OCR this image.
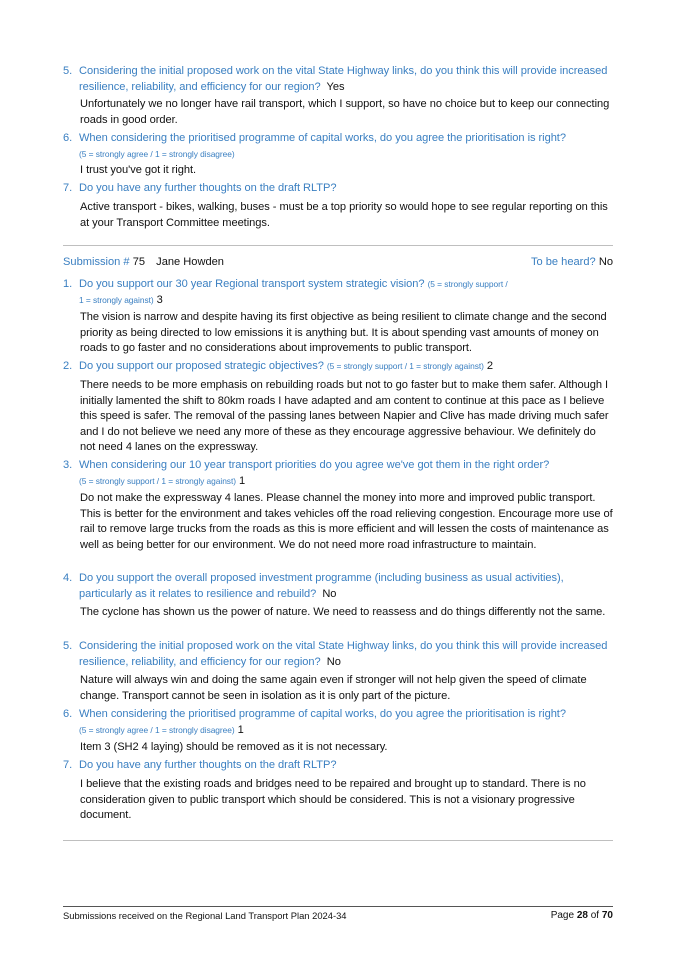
5. Considering the initial proposed work on the vital State Highway links, do you think this will provide increased resilience, reliability, and efficiency for our region? Yes
Unfortunately we no longer have rail transport, which I support, so have no choice but to keep our connecting roads in good order.
6. When considering the prioritised programme of capital works, do you agree the prioritisation is right?
(5 = strongly agree / 1 = strongly disagree)
I trust you've got it right.
7. Do you have any further thoughts on the draft RLTP?
Active transport - bikes, walking, buses - must be a top priority so would hope to see regular reporting on this at your Transport Committee meetings.
Submission # 75 Jane Howden	To be heard? No
1. Do you support our 30 year Regional transport system strategic vision? (5 = strongly support /
1 = strongly against) 3
The vision is narrow and despite having its first objective as being resilient to climate change and the second priority as being directed to low emissions it is anything but. It is about spending vast amounts of money on roads to go faster and no considerations about improvements to public transport.
2. Do you support our proposed strategic objectives? (5 = strongly support / 1 = strongly against) 2
There needs to be more emphasis on rebuilding roads but not to go faster but to make them safer. Although I initially lamented the shift to 80km roads I have adapted and am content to continue at this pace as I believe this speed is safer. The removal of the passing lanes between Napier and Clive has made driving much safer and I do not believe we need any more of these as they encourage aggressive behaviour. We definitely do not need 4 lanes on the expressway.
3. When considering our 10 year transport priorities do you agree we've got them in the right order?
(5 = strongly support / 1 = strongly against) 1
Do not make the expressway 4 lanes. Please channel the money into more and improved public transport. This is better for the environment and takes vehicles off the road relieving congestion. Encourage more use of rail to remove large trucks from the roads as this is more efficient and will lessen the costs of maintenance as well as being better for our environment. We do not need more road infrastructure to maintain.
4. Do you support the overall proposed investment programme (including business as usual activities), particularly as it relates to resilience and rebuild? No
The cyclone has shown us the power of nature. We need to reassess and do things differently not the same.
5. Considering the initial proposed work on the vital State Highway links, do you think this will provide increased resilience, reliability, and efficiency for our region? No
Nature will always win and doing the same again even if stronger will not help given the speed of climate change. Transport cannot be seen in isolation as it is only part of the picture.
6. When considering the prioritised programme of capital works, do you agree the prioritisation is right?
(5 = strongly agree / 1 = strongly disagree) 1
Item 3 (SH2 4 laying) should be removed as it is not necessary.
7. Do you have any further thoughts on the draft RLTP?
I believe that the existing roads and bridges need to be repaired and brought up to standard. There is no consideration given to public transport which should be considered. This is not a visionary progressive document.
Submissions received on the Regional Land Transport Plan 2024-34	Page 28 of 70
